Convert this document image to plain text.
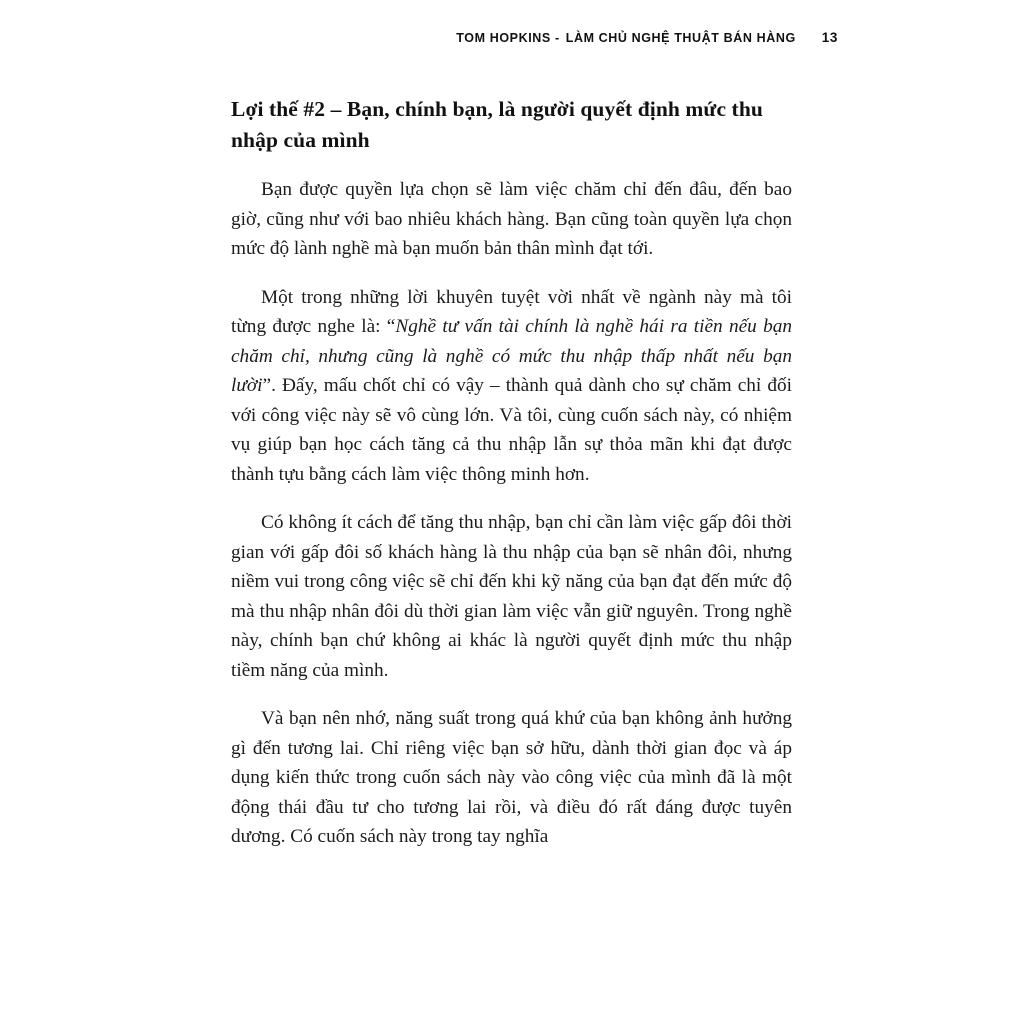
TOM HOPKINS - LÀM CHỦ NGHỆ THUẬT BÁN HÀNG 13
Lợi thế #2 – Bạn, chính bạn, là người quyết định mức thu nhập của mình

Bạn được quyền lựa chọn sẽ làm việc chăm chỉ đến đâu, đến bao giờ, cũng như với bao nhiêu khách hàng. Bạn cũng toàn quyền lựa chọn mức độ lành nghề mà bạn muốn bản thân mình đạt tới.

Một trong những lời khuyên tuyệt vời nhất về ngành này mà tôi từng được nghe là: “Nghề tư vấn tài chính là nghề hái ra tiền nếu bạn chăm chỉ, nhưng cũng là nghề có mức thu nhập thấp nhất nếu bạn lười”. Đấy, mấu chốt chỉ có vậy – thành quả dành cho sự chăm chỉ đối với công việc này sẽ vô cùng lớn. Và tôi, cùng cuốn sách này, có nhiệm vụ giúp bạn học cách tăng cả thu nhập lẫn sự thỏa mãn khi đạt được thành tựu bằng cách làm việc thông minh hơn.

Có không ít cách để tăng thu nhập, bạn chỉ cần làm việc gấp đôi thời gian với gấp đôi số khách hàng là thu nhập của bạn sẽ nhân đôi, nhưng niềm vui trong công việc sẽ chỉ đến khi kỹ năng của bạn đạt đến mức độ mà thu nhập nhân đôi dù thời gian làm việc vẫn giữ nguyên. Trong nghề này, chính bạn chứ không ai khác là người quyết định mức thu nhập tiềm năng của mình.

Và bạn nên nhớ, năng suất trong quá khứ của bạn không ảnh hưởng gì đến tương lai. Chỉ riêng việc bạn sở hữu, dành thời gian đọc và áp dụng kiến thức trong cuốn sách này vào công việc của mình đã là một động thái đầu tư cho tương lai rồi, và điều đó rất đáng được tuyên dương. Có cuốn sách này trong tay nghĩa
